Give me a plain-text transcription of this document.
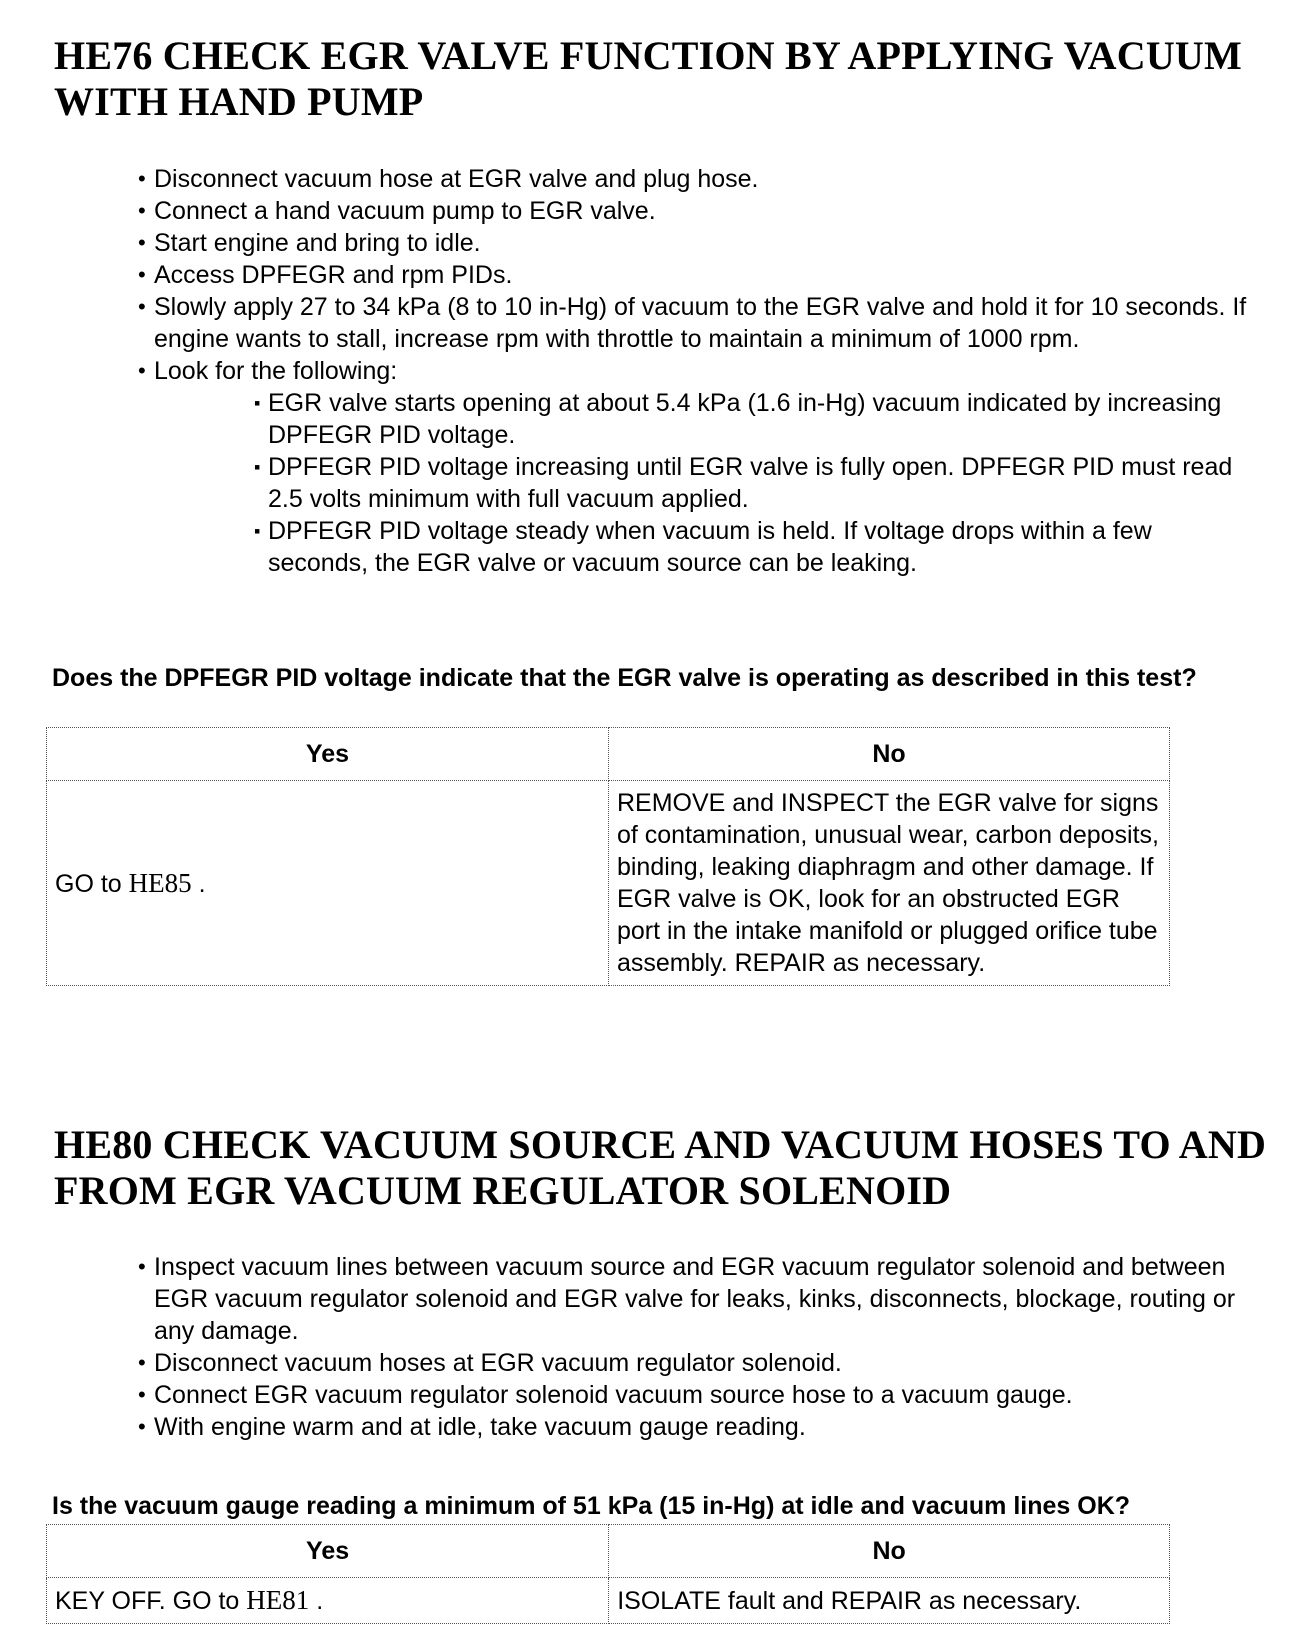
HE76 CHECK EGR VALVE FUNCTION BY APPLYING VACUUM WITH HAND PUMP
• Disconnect vacuum hose at EGR valve and plug hose.
• Connect a hand vacuum pump to EGR valve.
• Start engine and bring to idle.
• Access DPFEGR and rpm PIDs.
• Slowly apply 27 to 34 kPa (8 to 10 in-Hg) of vacuum to the EGR valve and hold it for 10 seconds. If engine wants to stall, increase rpm with throttle to maintain a minimum of 1000 rpm.
• Look for the following:
▪ EGR valve starts opening at about 5.4 kPa (1.6 in-Hg) vacuum indicated by increasing DPFEGR PID voltage.
▪ DPFEGR PID voltage increasing until EGR valve is fully open. DPFEGR PID must read 2.5 volts minimum with full vacuum applied.
▪ DPFEGR PID voltage steady when vacuum is held. If voltage drops within a few seconds, the EGR valve or vacuum source can be leaking.

Does the DPFEGR PID voltage indicate that the EGR valve is operating as described in this test?

Yes	No
GO to HE85 .	REMOVE and INSPECT the EGR valve for signs of contamination, unusual wear, carbon deposits, binding, leaking diaphragm and other damage. If EGR valve is OK, look for an obstructed EGR port in the intake manifold or plugged orifice tube assembly. REPAIR as necessary.
HE80 CHECK VACUUM SOURCE AND VACUUM HOSES TO AND FROM EGR VACUUM REGULATOR SOLENOID
• Inspect vacuum lines between vacuum source and EGR vacuum regulator solenoid and between EGR vacuum regulator solenoid and EGR valve for leaks, kinks, disconnects, blockage, routing or any damage.
• Disconnect vacuum hoses at EGR vacuum regulator solenoid.
• Connect EGR vacuum regulator solenoid vacuum source hose to a vacuum gauge.
• With engine warm and at idle, take vacuum gauge reading.

Is the vacuum gauge reading a minimum of 51 kPa (15 in-Hg) at idle and vacuum lines OK?

Yes	No
KEY OFF. GO to HE81 .	ISOLATE fault and REPAIR as necessary.
